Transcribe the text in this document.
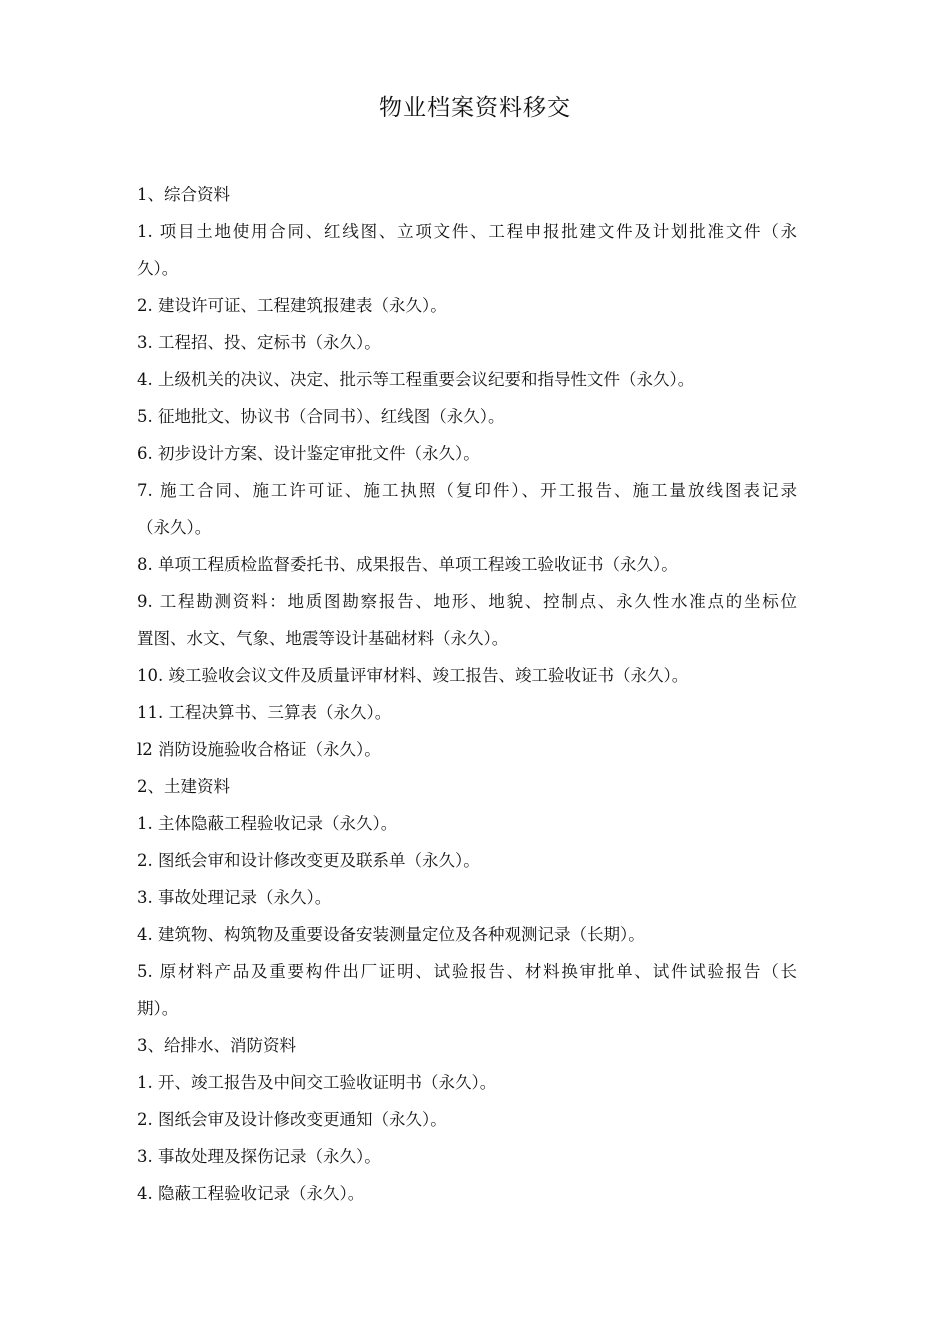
物业档案资料移交
1、综合资料
1. 项目土地使用合同、红线图、立项文件、工程申报批建文件及计划批准文件（永
久）。
2. 建设许可证、工程建筑报建表（永久）。
3. 工程招、投、定标书（永久）。
4. 上级机关的决议、决定、批示等工程重要会议纪要和指导性文件（永久）。
5. 征地批文、协议书（合同书）、红线图（永久）。
6. 初步设计方案、设计鉴定审批文件（永久）。
7. 施工合同、施工许可证、施工执照（复印件）、开工报告、施工量放线图表记录
（永久）。
8. 单项工程质检监督委托书、成果报告、单项工程竣工验收证书（永久）。
9. 工程勘测资料：地质图勘察报告、地形、地貌、控制点、永久性水准点的坐标位
置图、水文、气象、地震等设计基础材料（永久）。
10. 竣工验收会议文件及质量评审材料、竣工报告、竣工验收证书（永久）。
11. 工程决算书、三算表（永久）。
l2 消防设施验收合格证（永久）。
2、土建资料
1. 主体隐蔽工程验收记录（永久）。
2. 图纸会审和设计修改变更及联系单（永久）。
3. 事故处理记录（永久）。
4. 建筑物、构筑物及重要设备安装测量定位及各种观测记录（长期）。
5. 原材料产品及重要构件出厂证明、试验报告、材料换审批单、试件试验报告（长
期）。
3、给排水、消防资料
1. 开、竣工报告及中间交工验收证明书（永久）。
2. 图纸会审及设计修改变更通知（永久）。
3. 事故处理及探伤记录（永久）。
4. 隐蔽工程验收记录（永久）。
